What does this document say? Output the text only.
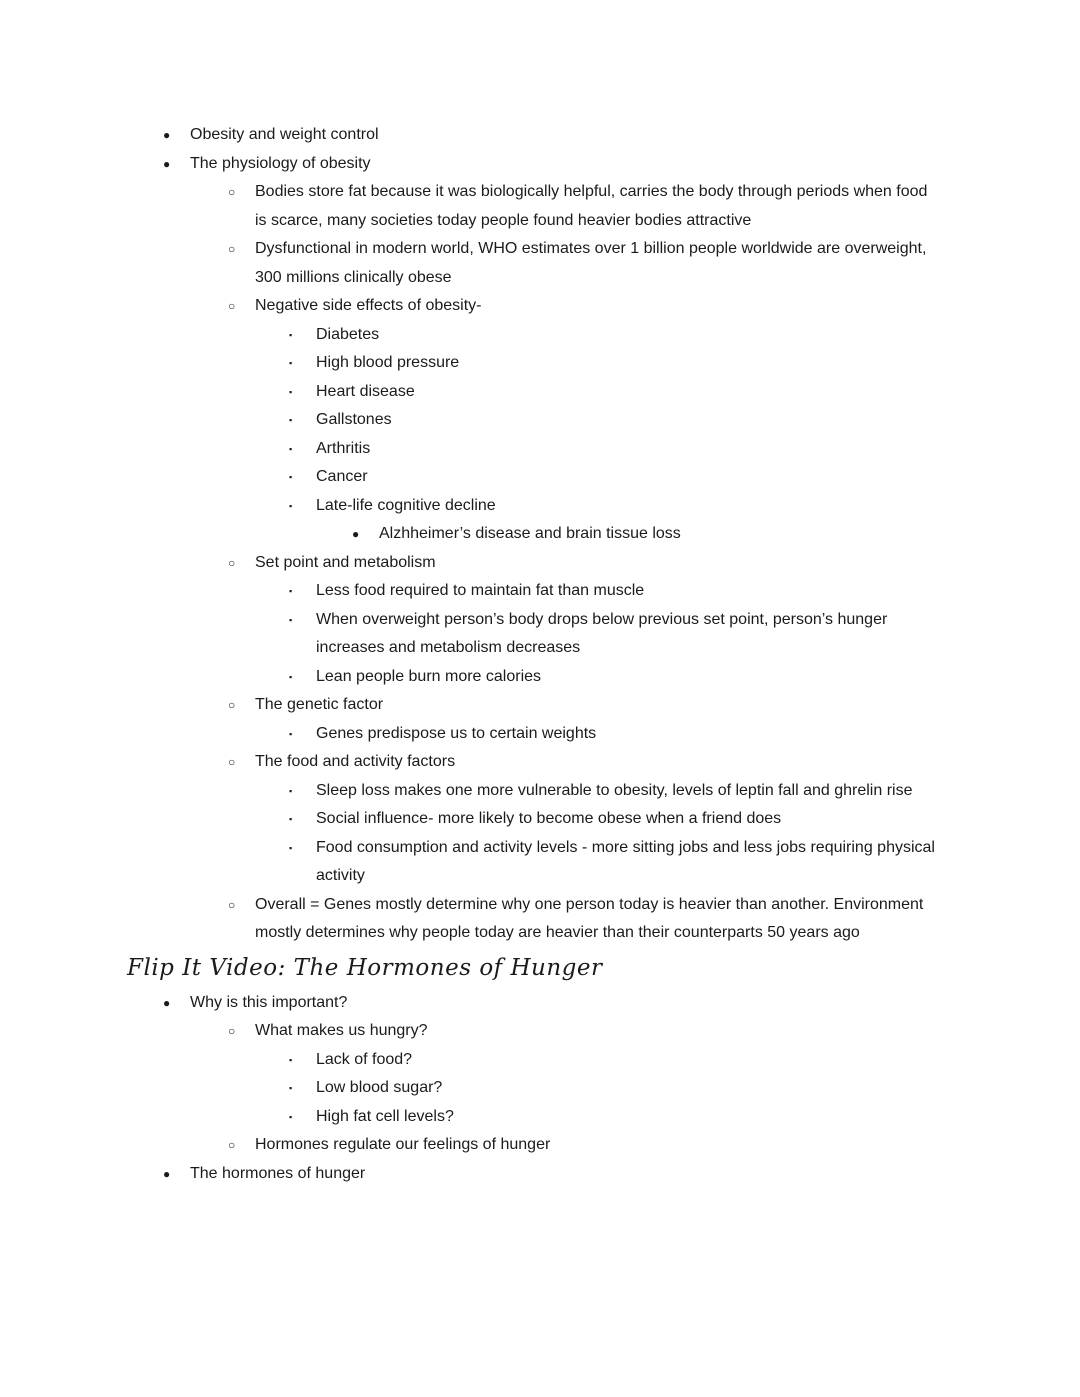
●	Obesity and weight control
●	The physiology of obesity
○	Bodies store fat because it was biologically helpful, carries the body through periods when food is scarce, many societies today people found heavier bodies attractive
○	Dysfunctional in modern world, WHO estimates over 1 billion people worldwide are overweight, 300 millions clinically obese
○	Negative side effects of obesity-
▪	Diabetes
▪	High blood pressure
▪	Heart disease
▪	Gallstones
▪	Arthritis
▪	Cancer
▪	Late-life cognitive decline
●	Alzhheimer’s disease and brain tissue loss
○	Set point and metabolism
▪	Less food required to maintain fat than muscle
▪	When overweight person’s body drops below previous set point, person’s hunger increases and metabolism decreases
▪	Lean people burn more calories
○	The genetic factor
▪	Genes predispose us to certain weights
○	The food and activity factors
▪	Sleep loss makes one more vulnerable to obesity, levels of leptin fall and ghrelin rise
▪	Social influence- more likely to become obese when a friend does
▪	Food consumption and activity levels - more sitting jobs and less jobs requiring physical activity
○	Overall = Genes mostly determine why one person today is heavier than another. Environment mostly determines why people today are heavier than their counterparts 50 years ago
Flip It Video: The Hormones of Hunger
●	Why is this important?
○	What makes us hungry?
▪	Lack of food?
▪	Low blood sugar?
▪	High fat cell levels?
○	Hormones regulate our feelings of hunger
●	The hormones of hunger
